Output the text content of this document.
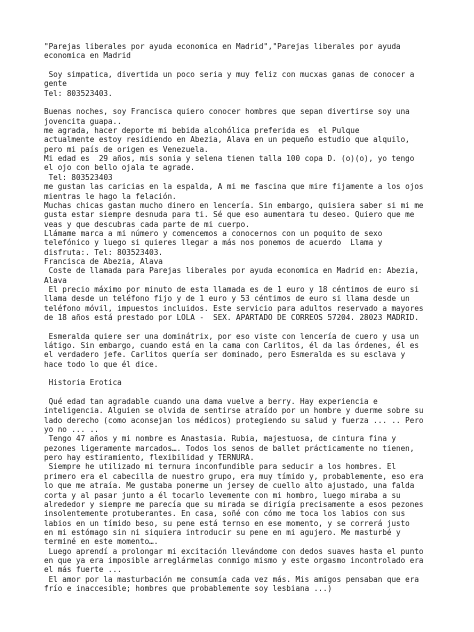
"Parejas liberales por ayuda economica en Madrid","Parejas liberales por ayuda
economica en Madrid
Soy simpatica, divertida un poco seria y muy feliz con mucxas ganas de conocer a
gente
Tel: 803523403.
Buenas noches, soy Francisca quiero conocer hombres que sepan divertirse soy una
jovencita guapa..
me agrada, hacer deporte mi bebida alcohólica preferida es  el Pulque
actualmente estoy residiendo en Abezia, Alava en un pequeño estudio que alquilo,
pero mi país de origen es Venezuela.
Mi edad es  29 años, mis sonia y selena tienen talla 100 copa D. (o)(o), yo tengo
el ojo con bello ojala te agrade.
Tel: 803523403
me gustan las caricias en la espalda, A mi me fascina que mire fijamente a los ojos
mientras le hago la felación.
Muchas chicas gastan mucho dinero en lencería. Sin embargo, quisiera saber si mi me
gusta estar siempre desnuda para ti. Sé que eso aumentara tu deseo. Quiero que me
veas y que descubras cada parte de mi cuerpo.
Llámame marca a mi número y comencemos a conocernos con un poquito de sexo
telefónico y luego si quieres llegar a más nos ponemos de acuerdo  Llama y
disfruta:. Tel: 803523403.
Francisca de Abezia, Alava
Coste de llamada para Parejas liberales por ayuda economica en Madrid en: Abezia,
Alava
El precio máximo por minuto de esta llamada es de 1 euro y 18 céntimos de euro si
llama desde un teléfono fijo y de 1 euro y 53 céntimos de euro si llama desde un
teléfono móvil, impuestos incluidos. Este servicio para adultos reservado a mayores
de 18 años está prestado por LOLA -  SEX. APARTADO DE CORREOS 57204. 28023 MADRID.
Esmeralda quiere ser una dominátrix, por eso viste con lencería de cuero y usa un
látigo. Sin embargo, cuando está en la cama con Carlitos, él da las órdenes, él es
el verdadero jefe. Carlitos quería ser dominado, pero Esmeralda es su esclava y
hace todo lo que él dice.
Historia Erotica
Qué edad tan agradable cuando una dama vuelve a berry. Hay experiencia e
inteligencia. Alguien se olvida de sentirse atraído por un hombre y duerme sobre su
lado derecho (como aconsejan los médicos) protegiendo su salud y fuerza ... .. Pero
yo no ... ..
Tengo 47 años y mi nombre es Anastasia. Rubia, majestuosa, de cintura fina y
pezones ligeramente marcados…. Todos los senos de ballet prácticamente no tienen,
pero hay estiramiento, flexibilidad y TERNURA.
Siempre he utilizado mi ternura inconfundible para seducir a los hombres. El
primero era el cabecilla de nuestro grupo, era muy tímido y, probablemente, eso era
lo que me atraía. Me gustaba ponerme un jersey de cuello alto ajustado, una falda
corta y al pasar junto a él tocarlo levemente con mi hombro, luego miraba a su
alrededor y siempre me parecía que su mirada se dirigía precisamente a esos pezones
insolentemente protuberantes. En casa, soñé con cómo me toca los labios con sus
labios en un tímido beso, su pene está ternso en ese momento, y se correrá justo
en mi estómago sin ni siquiera introducir su pene en mi agujero. Me masturbé y
terminé en este momento….
Luego aprendí a prolongar mi excitación llevándome con dedos suaves hasta el punto
en que ya era imposible arreglármelas conmigo mismo y este orgasmo incontrolado era
el más fuerte ...
El amor por la masturbación me consumía cada vez más. Mis amigos pensaban que era
frío e inaccesible; hombres que probablemente soy lesbiana ...)
